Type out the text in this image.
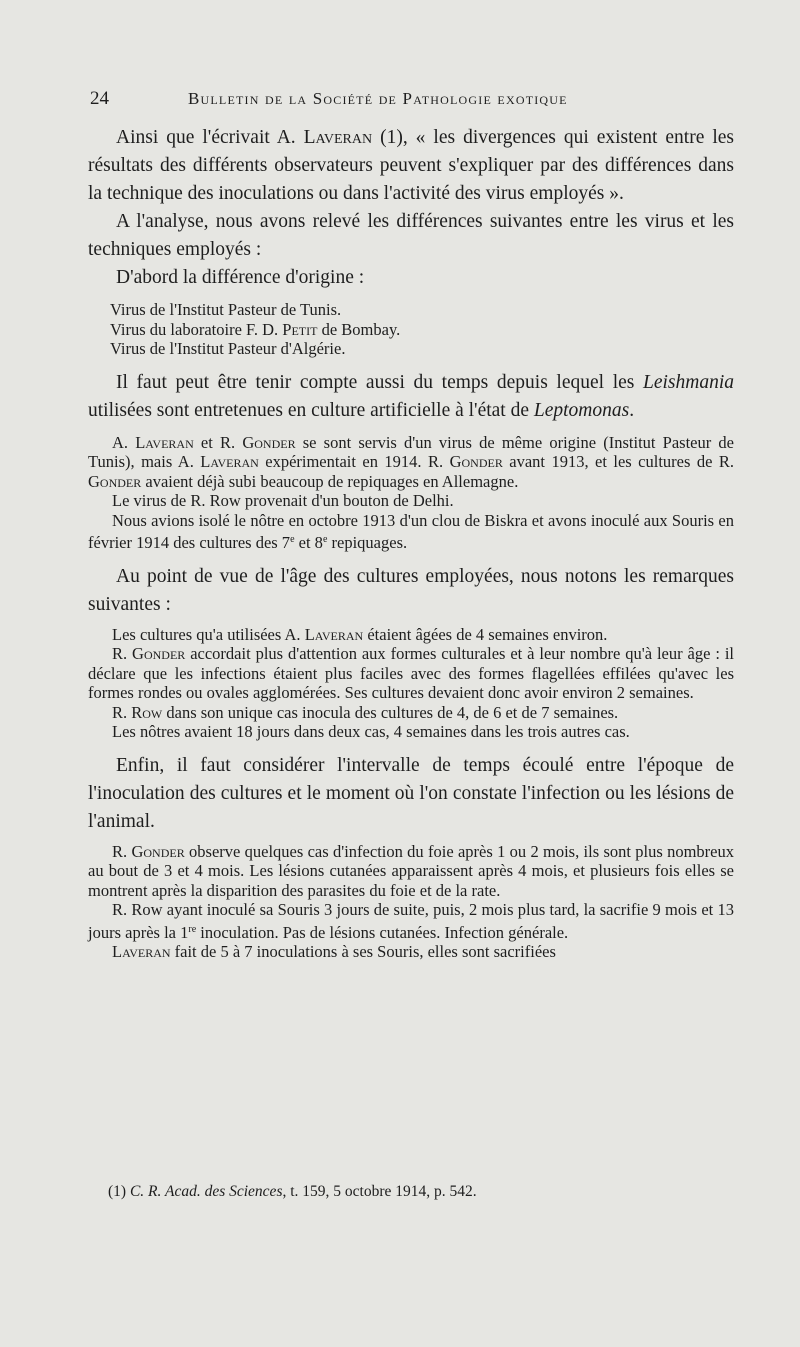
24	Bulletin de la Société de Pathologie exotique

Ainsi que l'écrivait A. Laveran (1), « les divergences qui existent entre les résultats des différents observateurs peuvent s'expliquer par des différences dans la technique des inoculations ou dans l'activité des virus employés ».

A l'analyse, nous avons relevé les différences suivantes entre les virus et les techniques employés :

D'abord la différence d'origine :

Virus de l'Institut Pasteur de Tunis.
Virus du laboratoire F. D. Petit de Bombay.
Virus de l'Institut Pasteur d'Algérie.

Il faut peut être tenir compte aussi du temps depuis lequel les Leishmania utilisées sont entretenues en culture artificielle à l'état de Leptomonas.

A. Laveran et R. Gonder se sont servis d'un virus de même origine (Institut Pasteur de Tunis), mais A. Laveran expérimentait en 1914. R. Gonder avant 1913, et les cultures de R. Gonder avaient déjà subi beaucoup de repiquages en Allemagne.

Le virus de R. Row provenait d'un bouton de Delhi.

Nous avions isolé le nôtre en octobre 1913 d'un clou de Biskra et avons inoculé aux Souris en février 1914 des cultures des 7e et 8e repiquages.

Au point de vue de l'âge des cultures employées, nous notons les remarques suivantes :

Les cultures qu'a utilisées A. Laveran étaient âgées de 4 semaines environ.

R. Gonder accordait plus d'attention aux formes culturales et à leur nombre qu'à leur âge : il déclare que les infections étaient plus faciles avec des formes flagellées effilées qu'avec les formes rondes ou ovales agglomérées. Ses cultures devaient donc avoir environ 2 semaines.

R. Row dans son unique cas inocula des cultures de 4, de 6 et de 7 semaines.

Les nôtres avaient 18 jours dans deux cas, 4 semaines dans les trois autres cas.

Enfin, il faut considérer l'intervalle de temps écoulé entre l'époque de l'inoculation des cultures et le moment où l'on constate l'infection ou les lésions de l'animal.

R. Gonder observe quelques cas d'infection du foie après 1 ou 2 mois, ils sont plus nombreux au bout de 3 et 4 mois. Les lésions cutanées apparaissent après 4 mois, et plusieurs fois elles se montrent après la disparition des parasites du foie et de la rate.

R. Row ayant inoculé sa Souris 3 jours de suite, puis, 2 mois plus tard, la sacrifie 9 mois et 13 jours après la 1re inoculation. Pas de lésions cutanées. Infection générale.

Laveran fait de 5 à 7 inoculations à ses Souris, elles sont sacrifiées

(1) C. R. Acad. des Sciences, t. 159, 5 octobre 1914, p. 542.
